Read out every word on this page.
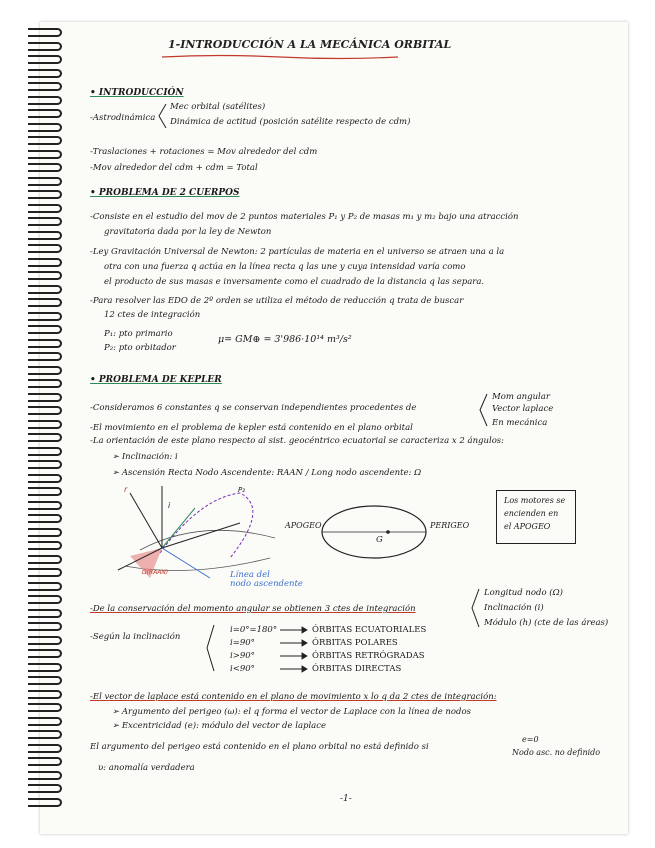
1-INTRODUCCIÓN A LA MECÁNICA ORBITAL
• INTRODUCCIÓN
-Astrodinámica
Mec orbital (satélites)
Dinámica de actitud (posición satélite respecto de cdm)
-Traslaciones + rotaciones = Mov alrededor del cdm
-Mov alrededor del cdm + cdm = Total
• PROBLEMA DE 2 CUERPOS
-Consiste en el estudio del mov de 2 puntos materiales P₁ y P₂ de masas m₁ y m₂ bajo una atracción
gravitatoria dada por la ley de Newton
-Ley Gravitación Universal de Newton: 2 partículas de materia en el universo se atraen una a la
otra con una fuerza q actúa en la línea recta q las une y cuya intensidad varía como
el producto de sus masas e inversamente como el cuadrado de la distancia q las separa.
-Para resolver las EDO de 2º orden se utiliza el método de reducción q trata de buscar
12 ctes de integración
P₁: pto primario
P₂: pto orbitador
μ= GM⊕ = 3'986·10¹⁴ m³/s²
• PROBLEMA DE KEPLER
-Consideramos 6 constantes q se conservan independientes procedentes de
Mom angular
Vector laplace
En mecánica
-El movimiento en el problema de kepler está contenido en el plano orbital
-La orientación de este plano respecto al sist. geocéntrico ecuatorial se caracteriza x 2 ángulos:
➢ Inclinación: i
➢ Ascensión Recta Nodo Ascendente: RAAN / Long nodo ascendente: Ω
r
i
Ω(RAAN)
P₂
Línea del
nodo ascendente
APOGEO
G
PERIGEO
Los motores se
encienden en
el APOGEO
-De la conservación del momento angular se obtienen 3 ctes de integración
Longitud nodo (Ω)
Inclinación (i)
Módulo (h) (cte de las áreas)
-Según la inclinación
i=0°=180°
i=90°
i>90°
i<90°
ÓRBITAS ECUATORIALES
ÓRBITAS POLARES
ÓRBITAS RETRÓGRADAS
ÓRBITAS DIRECTAS
-El vector de laplace está contenido en el plano de movimiento x lo q da 2 ctes de integración:
➢ Argumento del perigeo (ω): el q forma el vector de Laplace con la línea de nodos
➢ Excentricidad (e): módulo del vector de laplace
El argumento del perigeo está contenido en el plano orbital no está definido si
e=0
Nodo asc. no definido
υ: anomalía verdadera
-1-
